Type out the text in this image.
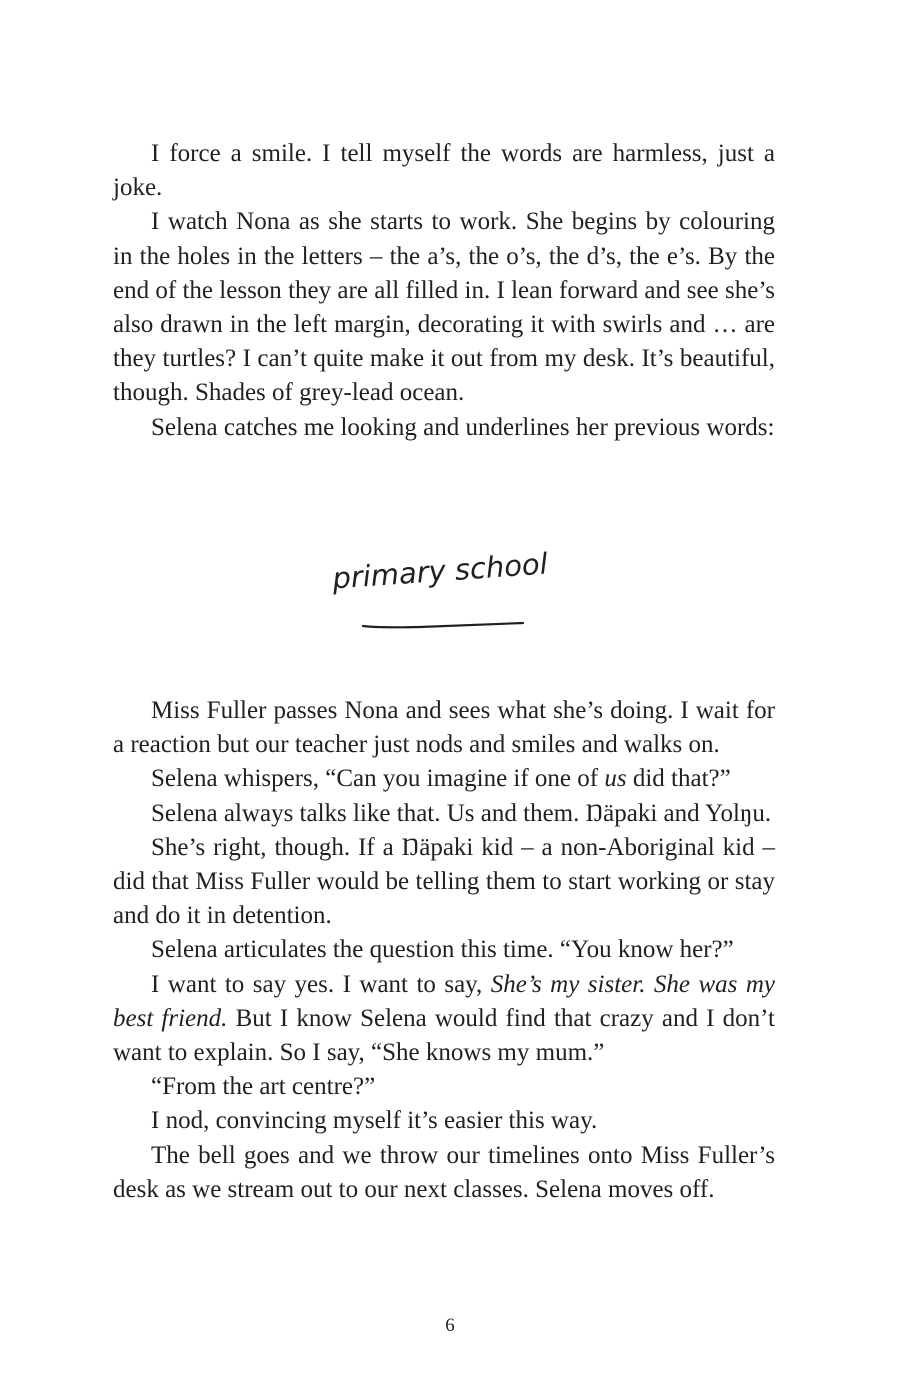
I force a smile. I tell myself the words are harmless, just a joke.

I watch Nona as she starts to work. She begins by colouring in the holes in the letters – the a’s, the o’s, the d’s, the e’s. By the end of the lesson they are all filled in. I lean forward and see she’s also drawn in the left margin, decorating it with swirls and … are they turtles? I can’t quite make it out from my desk. It’s beautiful, though. Shades of grey-lead ocean.

Selena catches me looking and underlines her previous words:

primary school

Miss Fuller passes Nona and sees what she’s doing. I wait for a reaction but our teacher just nods and smiles and walks on.

Selena whispers, “Can you imagine if one of us did that?”

Selena always talks like that. Us and them. Ŋäpaki and Yolŋu.

She’s right, though. If a Ŋäpaki kid – a non-Aboriginal kid – did that Miss Fuller would be telling them to start working or stay and do it in detention.

Selena articulates the question this time. “You know her?”

I want to say yes. I want to say, She’s my sister. She was my best friend. But I know Selena would find that crazy and I don’t want to explain. So I say, “She knows my mum.”

“From the art centre?”

I nod, convincing myself it’s easier this way.

The bell goes and we throw our timelines onto Miss Fuller’s desk as we stream out to our next classes. Selena moves off.

6
